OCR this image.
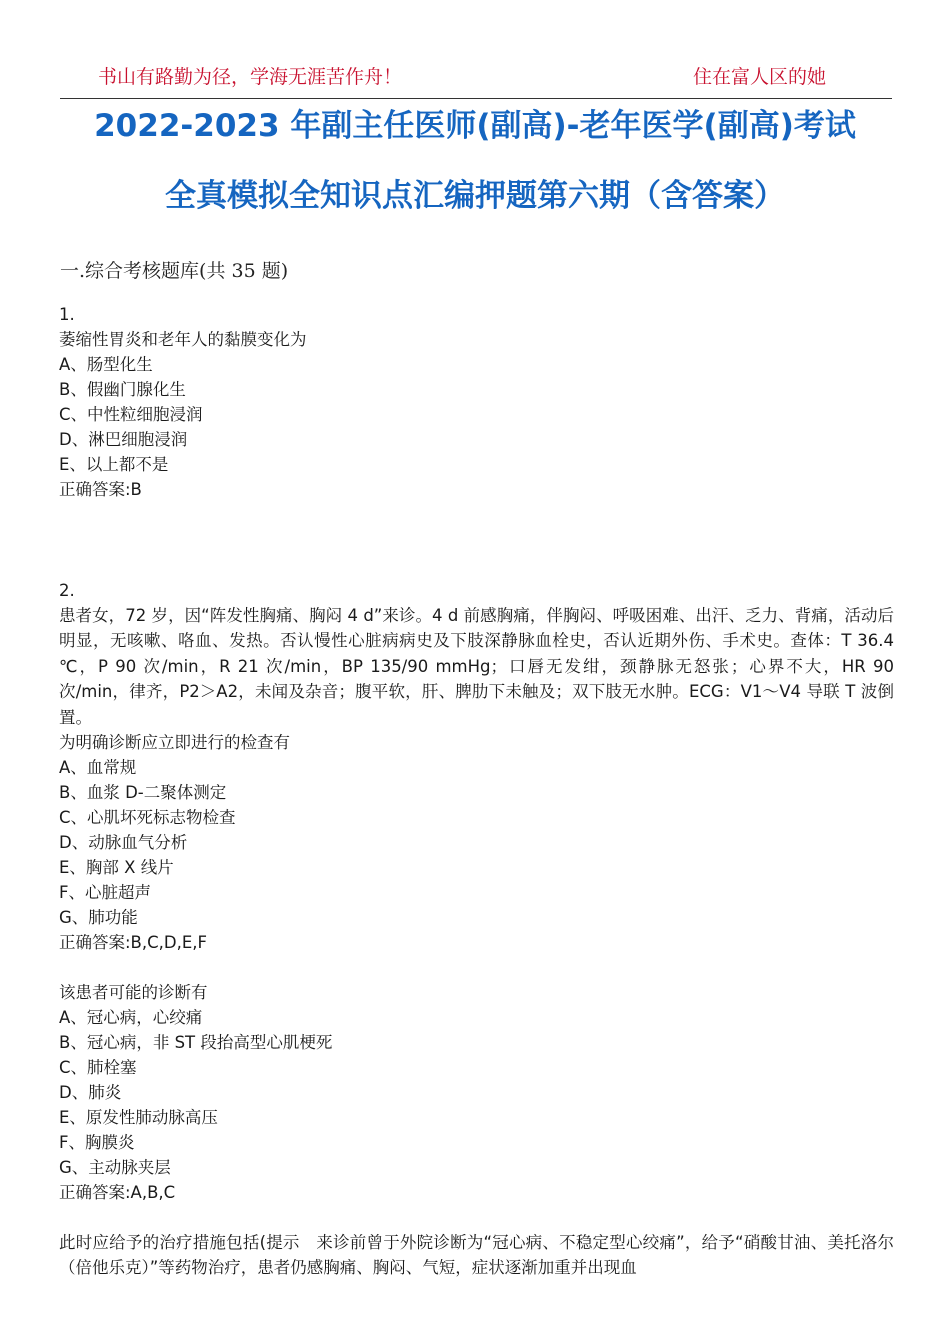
书山有路勤为径，学海无涯苦作舟！	住在富人区的她
2022-2023 年副主任医师(副高)-老年医学(副高)考试
全真模拟全知识点汇编押题第六期（含答案）
一.综合考核题库(共 35 题)
1.
萎缩性胃炎和老年人的黏膜变化为
A、肠型化生
B、假幽门腺化生
C、中性粒细胞浸润
D、淋巴细胞浸润
E、以上都不是
正确答案:B
2.
患者女，72 岁，因“阵发性胸痛、胸闷 4 d”来诊。4 d 前感胸痛，伴胸闷、呼吸困难、出汗、乏力、背痛，活动后明显，无咳嗽、咯血、发热。否认慢性心脏病病史及下肢深静脉血栓史，否认近期外伤、手术史。查体：T 36.4 ℃，P 90 次/min，R 21 次/min，BP 135/90 mmHg；口唇无发绀，颈静脉无怒张；心界不大，HR 90 次/min，律齐，P2＞A2，未闻及杂音；腹平软，肝、脾肋下未触及；双下肢无水肿。ECG：V1～V4 导联 T 波倒置。
为明确诊断应立即进行的检查有
A、血常规
B、血浆 D-二聚体测定
C、心肌坏死标志物检查
D、动脉血气分析
E、胸部 X 线片
F、心脏超声
G、肺功能
正确答案:B,C,D,E,F
该患者可能的诊断有
A、冠心病，心绞痛
B、冠心病，非 ST 段抬高型心肌梗死
C、肺栓塞
D、肺炎
E、原发性肺动脉高压
F、胸膜炎
G、主动脉夹层
正确答案:A,B,C
此时应给予的治疗措施包括(提示　来诊前曾于外院诊断为“冠心病、不稳定型心绞痛”，给予“硝酸甘油、美托洛尔（倍他乐克）”等药物治疗，患者仍感胸痛、胸闷、气短，症状逐渐加重并出现血
